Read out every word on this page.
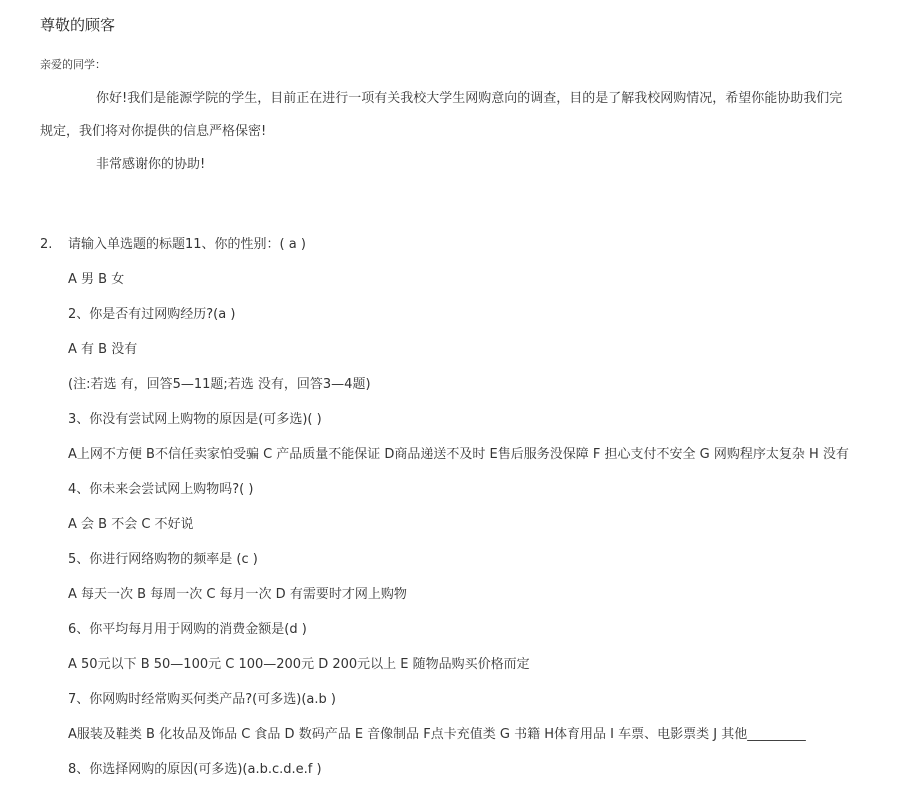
尊敬的顾客
亲爱的同学：
你好!我们是能源学院的学生，目前正在进行一项有关我校大学生网购意向的调查，目的是了解我校网购情况，希望你能协助我们完
规定，我们将对你提供的信息严格保密!
非常感谢你的协助!
2. 请输入单选题的标题11、你的性别：( a )
A 男 B 女
2、你是否有过网购经历?(a )
A 有 B 没有
(注:若选 有，回答5—11题;若选 没有，回答3—4题)
3、你没有尝试网上购物的原因是(可多选)( )
A上网不方便 B不信任卖家怕受骗 C 产品质量不能保证 D商品递送不及时 E售后服务没保障 F 担心支付不安全 G 网购程序太复杂 H 没有
4、你未来会尝试网上购物吗?( )
A 会 B 不会 C 不好说
5、你进行网络购物的频率是 (c )
A 每天一次 B 每周一次 C 每月一次 D 有需要时才网上购物
6、你平均每月用于网购的消费金额是(d )
A 50元以下 B 50—100元 C 100—200元 D 200元以上 E 随物品购买价格而定
7、你网购时经常购买何类产品?(可多选)(a.b )
A服装及鞋类 B 化妆品及饰品 C 食品 D 数码产品 E 音像制品 F点卡充值类 G 书籍 H体育用品 I 车票、电影票类 J 其他_________
8、你选择网购的原因(可多选)(a.b.c.d.e.f )
